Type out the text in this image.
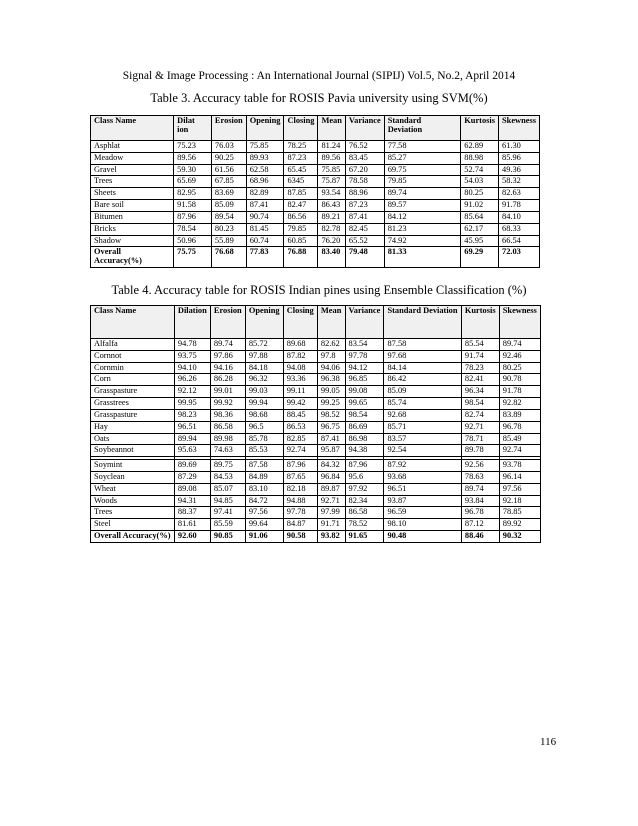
Signal & Image Processing : An International Journal (SIPIJ) Vol.5, No.2, April 2014
Table 3. Accuracy table for ROSIS Pavia university using SVM(%)
Class Name	Dilat ion	Erosion	Opening	Closing	Mean	Variance	Standard Deviation	Kurtosis	Skewness
Asphlat	75.23	76.03	75.85	78.25	81.24	76.52	77.58	62.89	61.30
Meadow	89.56	90.25	89.93	87.23	89.56	83.45	85.27	88.98	85.96
Gravel	59.30	61.56	62.58	65.45	75.85	67.20	69.75	52.74	49.36
Trees	65.69	67.85	68.96	6345	75.87	78.58	79.85	54.03	58.32
Sheets	82.95	83.69	82.89	87.85	93.54	88.96	89.74	80.25	82.63
Bare soil	91.58	85.09	87.41	82.47	86.43	87.23	89.57	91.02	91.78
Bitumen	87.96	89.54	90.74	86.56	89.21	87.41	84.12	85.64	84.10
Bricks	78.54	80.23	81.45	79.85	82.78	82.45	81.23	62.17	68.33
Shadow	50.96	55.89	60.74	60.85	76.20	65.52	74.92	45.95	66.54
Overall Accuracy(%)	75.75	76.68	77.83	76.88	83.40	79.48	81.33	69.29	72.03
Table 4. Accuracy table for ROSIS Indian pines using Ensemble Classification (%)
Class Name	Dilation	Erosion	Opening	Closing	Mean	Variance	Standard Deviation	Kurtosis	Skewness
Alfalfa	94.78	89.74	85.72	89.68	82.62	83.54	87.58	85.54	89.74
Cornnot	93.75	97.86	97.88	87.82	97.8	97.78	97.68	91.74	92.46
Cornmin	94.10	94.16	84.18	94.08	94.06	94.12	84.14	78.23	80.25
Corn	96.26	86.28	96.32	93.36	96.38	96.85	86.42	82.41	90.78
Grasspasture	92.12	99.01	99.03	99.11	99.05	99.08	85.09	96.34	91.78
Grasstrees	99.95	99.92	99.94	99.42	99.25	99.65	85.74	98.54	92.82
Grasspasture	98.23	98.36	98.68	88.45	98.52	98.54	92.68	82.74	83.89
Hay	96.51	86.58	96.5	86.53	96.75	86.69	85.71	92.71	96.78
Oats	89.94	89.98	85.78	82.85	87.41	86.98	83.57	78.71	85.49
Soybeannot	95.63	74.63	85.53	92.74	95.87	94.38	92.54	89.78	92.74

Soymint	89.69	89.75	87.58	87.96	84.32	87.96	87.92	92.56	93.78
Soyclean	87.29	84.53	84.89	87.65	96.84	95.6	93.68	78.63	96.14
Wheat	89.08	85.07	83.10	82.18	89.87	97.92	96.51	89.74	97.56
Woods	94.31	94.85	84.72	94.88	92.71	82.34	93.87	93.84	92.18
Trees	88.37	97.41	97.56	97.78	97.99	86.58	96.59	96.78	78.85
Steel	81.61	85.59	99.64	84.87	91.71	78.52	98.10	87.12	89.92
Overall Accuracy(%)	92.60	90.85	91.06	90.58	93.82	91.65	90.48	88.46	90.32
116
